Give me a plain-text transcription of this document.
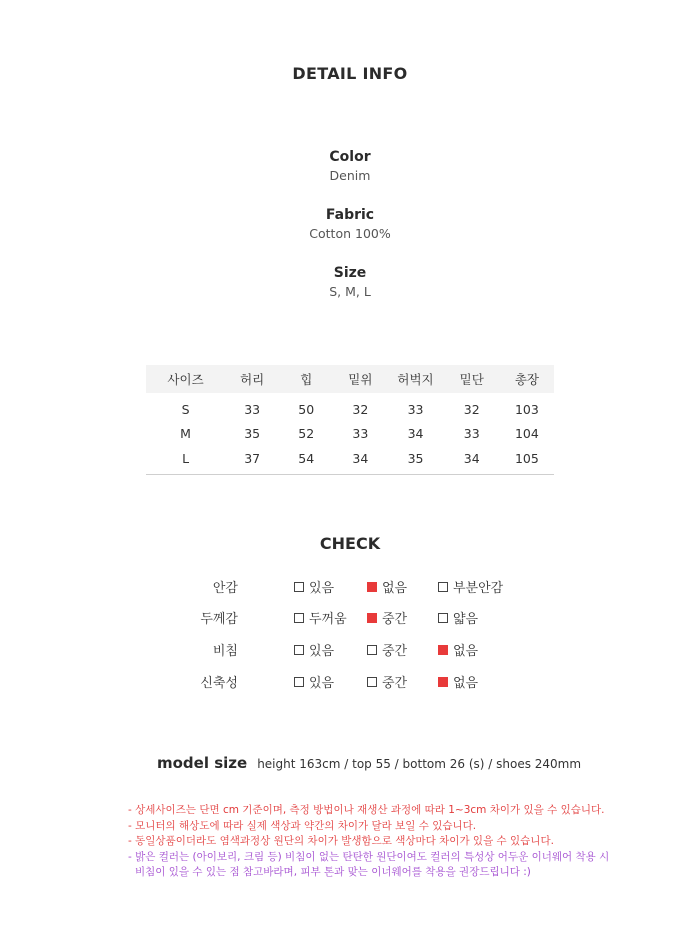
DETAIL INFO
Color
Denim
Fabric
Cotton 100%
Size
S, M, L
사이즈	허리	힙	밑위	허벅지	밑단	총장
S	33	50	32	33	32	103
M	35	52	33	34	33	104
L	37	54	34	35	34	105
CHECK
안감	있음	없음	부분안감
두께감	두꺼움	중간	얇음
비침	있음	중간	없음
신축성	있음	중간	없음
model size height 163cm / top 55 / bottom 26 (s) / shoes 240mm
- 상세사이즈는 단면 cm 기준이며, 측정 방법이나 재생산 과정에 따라 1~3cm 차이가 있을 수 있습니다.
- 모니터의 해상도에 따라 실제 색상과 약간의 차이가 달라 보일 수 있습니다.
- 동일상품이더라도 염색과정상 원단의 차이가 발생함으로 색상마다 차이가 있을 수 있습니다.
- 밝은 컬러는 (아이보리, 크림 등) 비침이 없는 탄탄한 원단이여도 컬러의 특성상 어두운 이너웨어 착용 시
비침이 있을 수 있는 점 참고바라며, 피부 톤과 맞는 이너웨어를 착용을 권장드립니다 :)
